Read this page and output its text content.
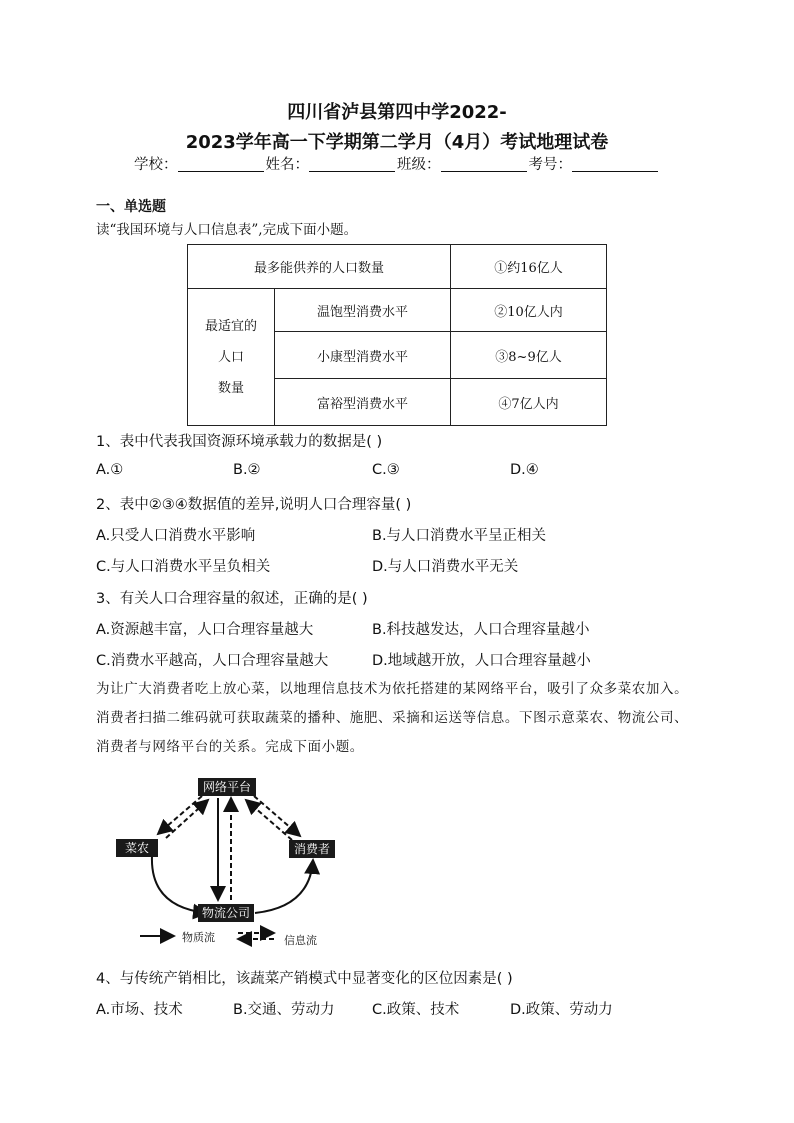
四川省泸县第四中学2022-
2023学年高一下学期第二学月（4月）考试地理试卷
学校：	姓名：	班级：	考号：
一、单选题
读“我国环境与人口信息表”,完成下面小题。
最多能供养的人口数量		①约16亿人

最适宜的
人口
数量	温饱型消费水平	②10亿人内
	小康型消费水平	③8~9亿人
	富裕型消费水平	④7亿人内
1、表中代表我国资源环境承载力的数据是( )
A.①	B.②	C.③	D.④
2、表中②③④数据值的差异,说明人口合理容量( )
A.只受人口消费水平影响	B.与人口消费水平呈正相关
C.与人口消费水平呈负相关	D.与人口消费水平无关
3、有关人口合理容量的叙述，正确的是( )
A.资源越丰富，人口合理容量越大	B.科技越发达，人口合理容量越小
C.消费水平越高，人口合理容量越大	D.地域越开放，人口合理容量越小
为让广大消费者吃上放心菜，以地理信息技术为依托搭建的某网络平台，吸引了众多菜农加入。消费者扫描二维码就可获取蔬菜的播种、施肥、采摘和运送等信息。下图示意菜农、物流公司、消费者与网络平台的关系。完成下面小题。
网络平台
菜农	消费者
物流公司
物质流	信息流
4、与传统产销相比，该蔬菜产销模式中显著变化的区位因素是( )
A.市场、技术	B.交通、劳动力	C.政策、技术	D.政策、劳动力
